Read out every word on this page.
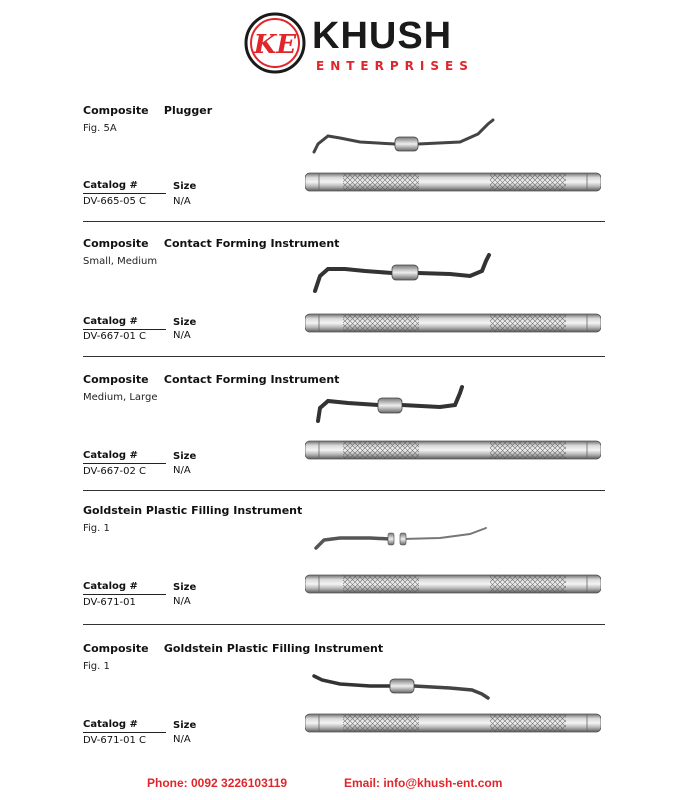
KE KHUSH
ENTERPRISES
Composite    Plugger
Fig. 5A
Catalog #	Size
DV-665-05 C	N/A
Composite    Contact Forming Instrument
Small, Medium
Catalog #	Size
DV-667-01 C	N/A
Composite    Contact Forming Instrument
Medium, Large
Catalog #	Size
DV-667-02 C	N/A
Goldstein Plastic Filling Instrument
Fig. 1
Catalog #	Size
DV-671-01	N/A
Composite    Goldstein Plastic Filling Instrument
Fig. 1
Catalog #	Size
DV-671-01 C	N/A
Phone: 0092 3226103119	Email: info@khush-ent.com
